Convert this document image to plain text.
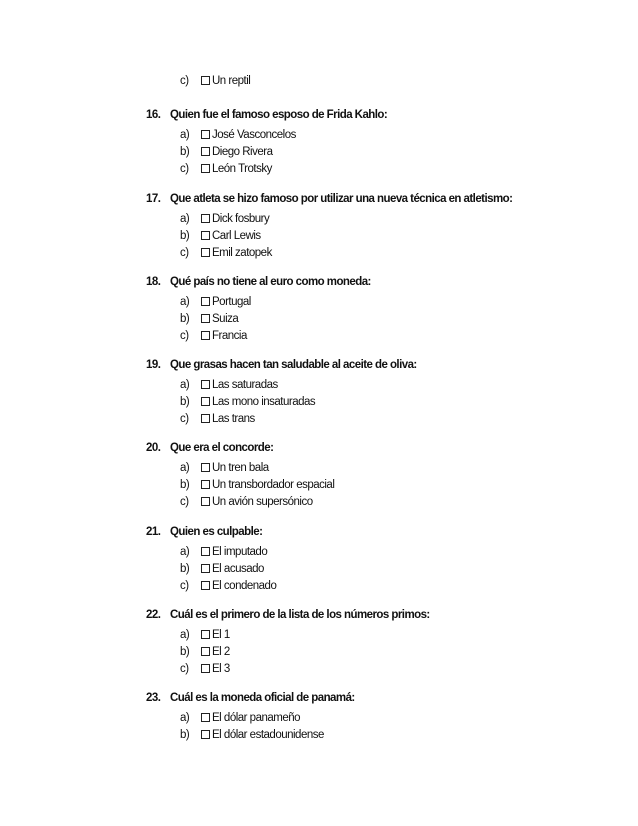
c)	Un reptil
16. Quien fue el famoso esposo de Frida Kahlo:
a)	José Vasconcelos
b)	Diego Rivera
c)	León Trotsky
17. Que atleta se hizo famoso por utilizar una nueva técnica en atletismo:
a)	Dick fosbury
b)	Carl Lewis
c)	Emil zatopek
18. Qué país no tiene al euro como moneda:
a)	Portugal
b)	Suiza
c)	Francia
19. Que grasas hacen tan saludable al aceite de oliva:
a)	Las saturadas
b)	Las mono insaturadas
c)	Las trans
20. Que era el concorde:
a)	Un tren bala
b)	Un transbordador espacial
c)	Un avión supersónico
21. Quien es culpable:
a)	El imputado
b)	El acusado
c)	El condenado
22. Cuál es el primero de la lista de los números primos:
a)	El 1
b)	El 2
c)	El 3
23. Cuál es la moneda oficial de panamá:
a)	El dólar panameño
b)	El dólar estadounidense
